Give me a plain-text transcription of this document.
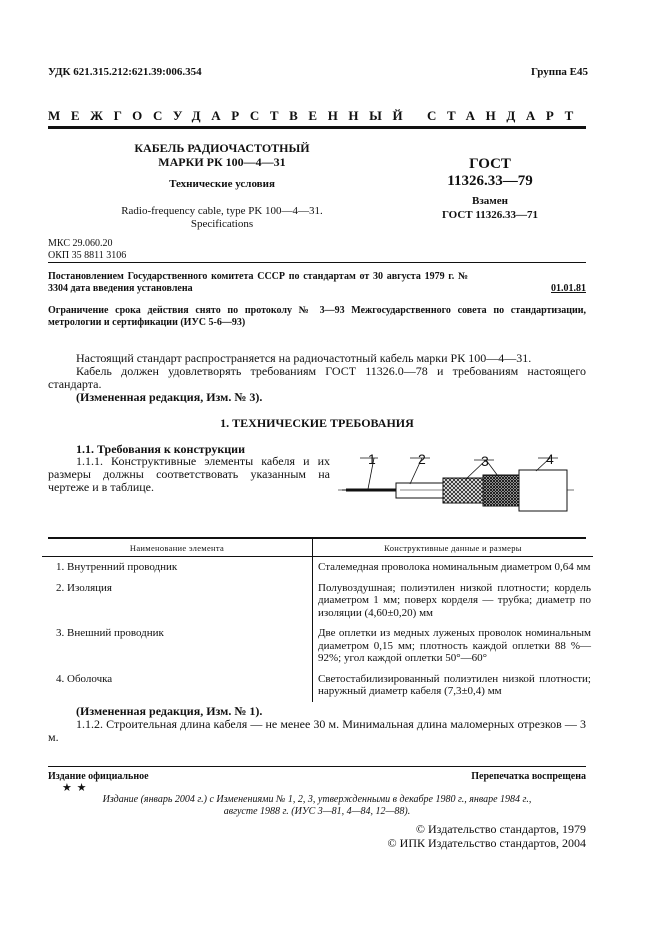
УДК 621.315.212:621.39:006.354	Группа Е45
МЕЖГОСУДАРСТВЕННЫЙ СТАНДАРТ
КАБЕЛЬ РАДИОЧАСТОТНЫЙ
МАРКИ РК 100—4—31
Технические условия
Radio-frequency cable, type PK 100—4—31.
Specifications
ГОСТ
11326.33—79
Взамен
ГОСТ 11326.33—71
МКС 29.060.20
ОКП 35 8811 3106
Постановлением Государственного комитета СССР по стандартам от 30 августа 1979 г. № 3304 дата введения установлена	01.01.81
Ограничение срока действия снято по протоколу № 3—93 Межгосударственного совета по стандартизации, метрологии и сертификации (ИУС 5-6—93)
Настоящий стандарт распространяется на радиочастотный кабель марки РК 100—4—31.
Кабель должен удовлетворять требованиям ГОСТ 11326.0—78 и требованиям настоящего стандарта.
(Измененная редакция, Изм. № 3).
1. ТЕХНИЧЕСКИЕ ТРЕБОВАНИЯ
1.1. Требования к конструкции
1.1.1. Конструктивные элементы кабеля и их размеры должны соответствовать указанным на чертеже и в таблице.
1	2	3	4
Наименование элемента	Конструктивные данные и размеры
1. Внутренний проводник	Сталемедная проволока номинальным диаметром 0,64 мм
2. Изоляция	Полувоздушная; полиэтилен низкой плотности; кордель диаметром 1 мм; поверх корделя — трубка; диаметр по изоляции (4,60±0,20) мм
3. Внешний проводник	Две оплетки из медных луженых проволок номинальным диаметром 0,15 мм; плотность каждой оплетки 88 %—92%; угол каждой оплетки 50°—60°
4. Оболочка	Светостабилизированный полиэтилен низкой плотности; наружный диаметр кабеля (7,3±0,4) мм
(Измененная редакция, Изм. № 1).
1.1.2. Строительная длина кабеля — не менее 30 м. Минимальная длина маломерных отрезков — 3 м.
Издание официальное	Перепечатка воспрещена
★ ★
Издание (январь 2004 г.) с Изменениями № 1, 2, 3, утвержденными в декабре 1980 г., январе 1984 г.,
августе 1988 г. (ИУС 3—81, 4—84, 12—88).
© Издательство стандартов, 1979
© ИПК Издательство стандартов, 2004
